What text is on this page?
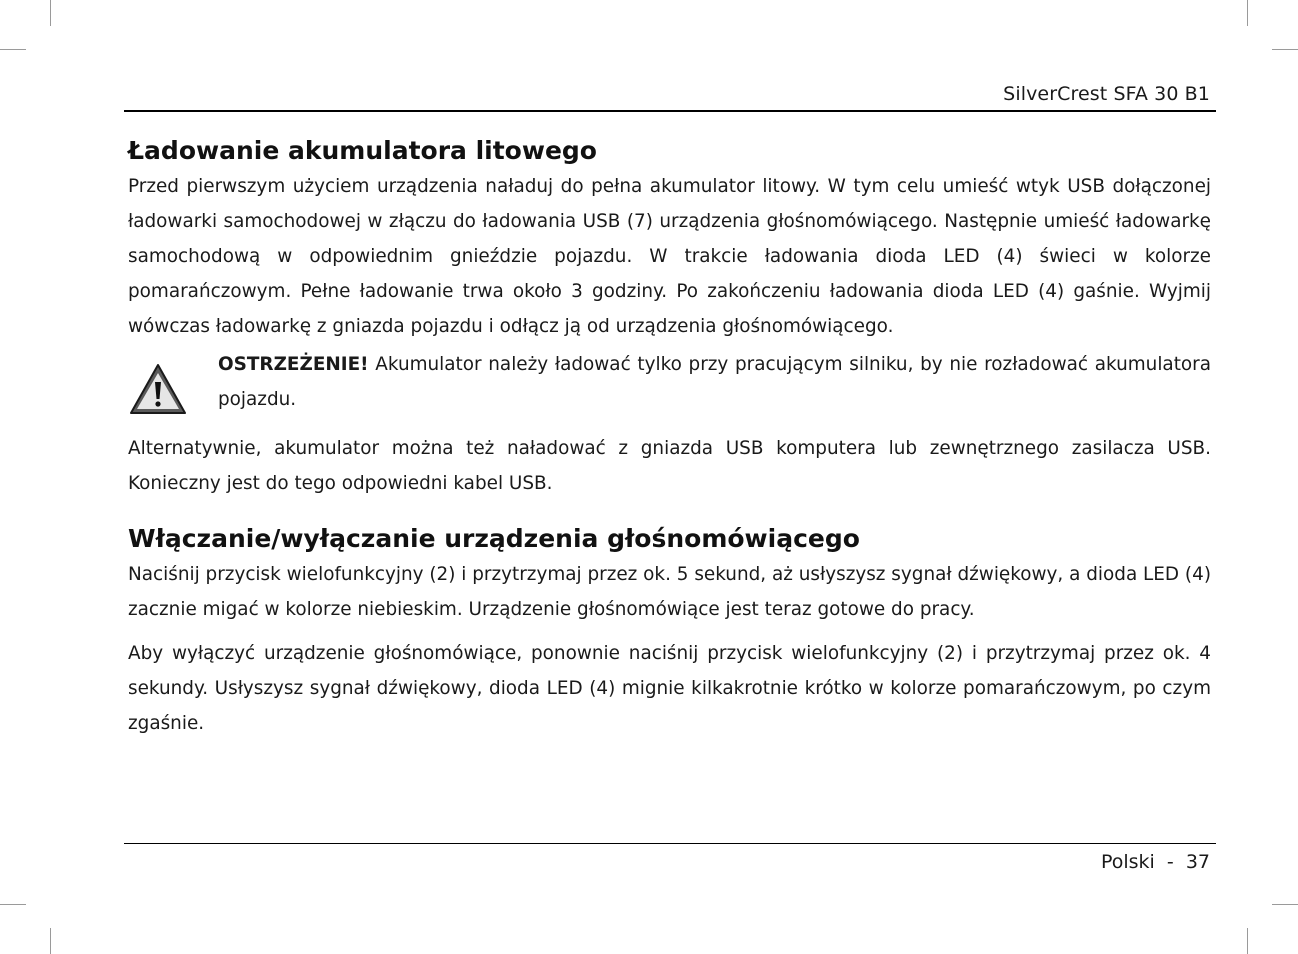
SilverCrest SFA 30 B1
Ładowanie akumulatora litowego

Przed pierwszym użyciem urządzenia naładuj do pełna akumulator litowy. W tym celu umieść wtyk USB dołączonej ładowarki samochodowej w złączu do ładowania USB (7) urządzenia głośnomówiącego. Następnie umieść ładowarkę samochodową w odpowiednim gnieździe pojazdu. W trakcie ładowania dioda LED (4) świeci w kolorze pomarańczowym. Pełne ładowanie trwa około 3 godziny. Po zakończeniu ładowania dioda LED (4) gaśnie. Wyjmij wówczas ładowarkę z gniazda pojazdu i odłącz ją od urządzenia głośnomówiącego.

OSTRZEŻENIE! Akumulator należy ładować tylko przy pracującym silniku, by nie rozładować akumulatora pojazdu.

Alternatywnie, akumulator można też naładować z gniazda USB komputera lub zewnętrznego zasilacza USB. Konieczny jest do tego odpowiedni kabel USB.

Włączanie/wyłączanie urządzenia głośnomówiącego

Naciśnij przycisk wielofunkcyjny (2) i przytrzymaj przez ok. 5 sekund, aż usłyszysz sygnał dźwiękowy, a dioda LED (4) zacznie migać w kolorze niebieskim. Urządzenie głośnomówiące jest teraz gotowe do pracy.

Aby wyłączyć urządzenie głośnomówiące, ponownie naciśnij przycisk wielofunkcyjny (2) i przytrzymaj przez ok. 4 sekundy. Usłyszysz sygnał dźwiękowy, dioda LED (4) mignie kilkakrotnie krótko w kolorze pomarańczowym, po czym zgaśnie.

Polski  -  37
